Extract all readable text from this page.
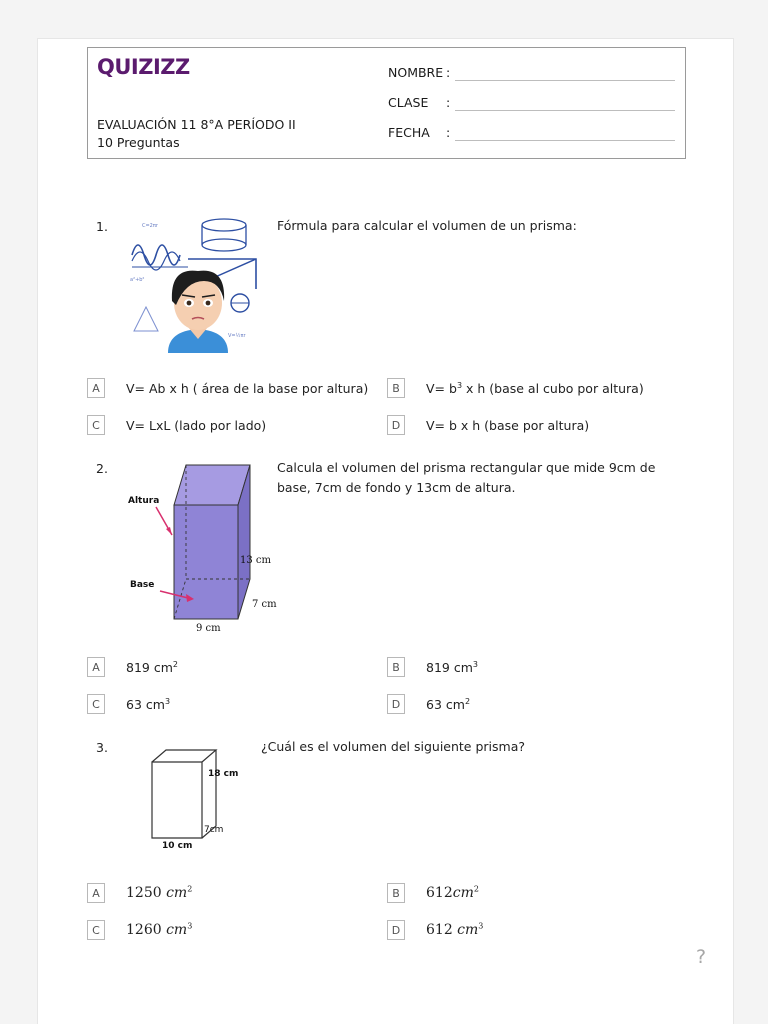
QUIZIZZ
EVALUACIÓN 11 8°A PERÍODO II
10 Preguntas
NOMBRE :
CLASE :
FECHA :
1.	C=2πr
a²+b²
V=½πr
Fórmula para calcular el volumen de un prisma:
A	V= Ab x h ( área de la base por altura)	B	$V= b^3$ x h (base al cubo por altura)
C	V= LxL (lado por lado)	D	V= b x h (base por altura)
2.
Altura
Base
13 cm
7 cm
9 cm
Calcula el volumen del prisma rectangular que mide 9cm de
base, 7cm de fondo y 13cm de altura.
A	819 $cm^2$	B	819 $cm^3$
C	63 $cm^3$	D	63 $cm^2$
3.
18 cm
7cm
10 cm
¿Cuál es el volumen del siguiente prisma?
A	1250 $cm^2$	B	$612cm^2$
C	1260 $cm^3$	D	612 $cm^3$
?
